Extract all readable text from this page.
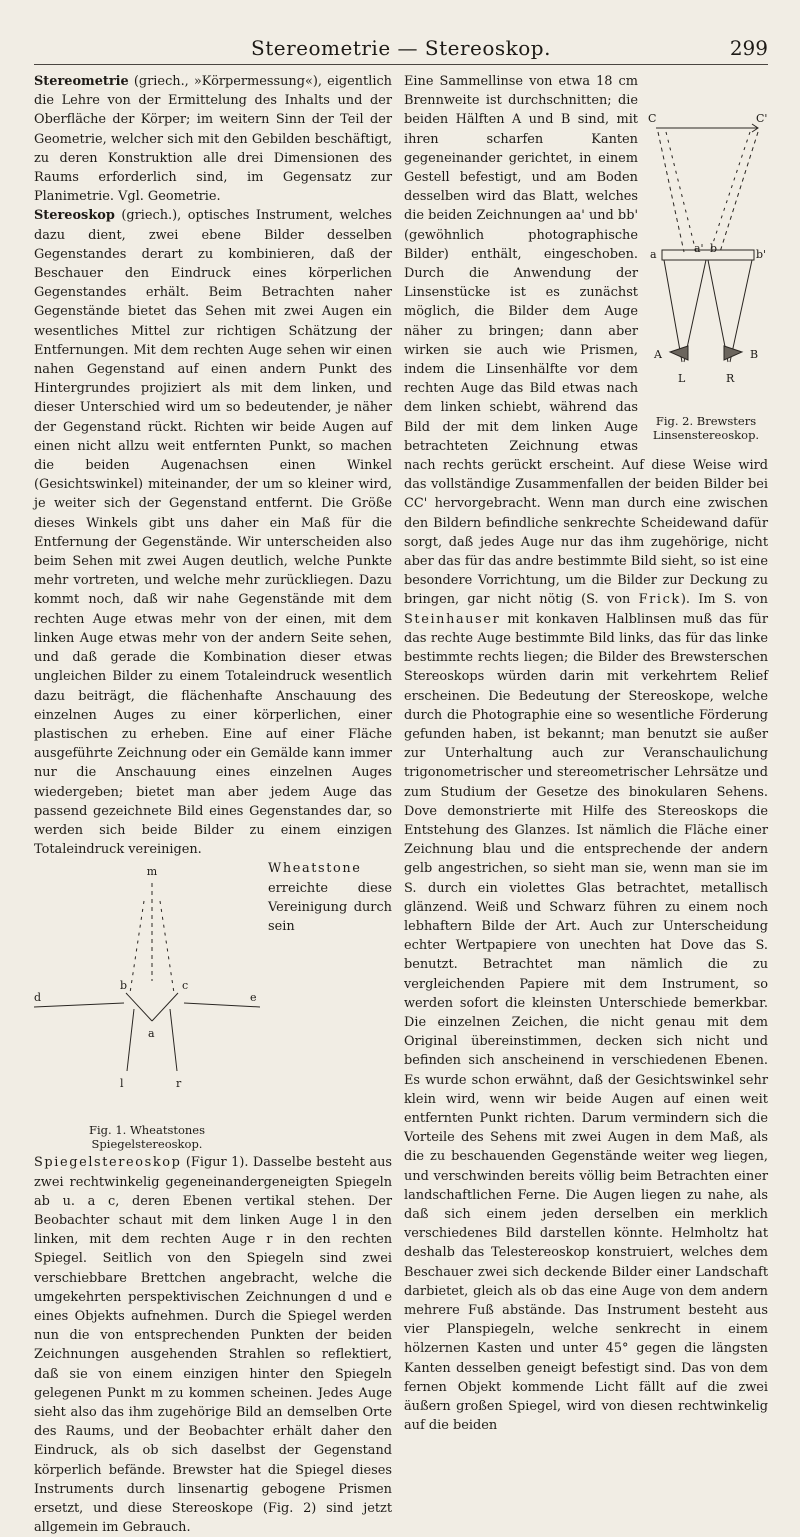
Stereometrie — Stereoskop.	299

Stereometrie (griech., »Körpermessung«), eigentlich die Lehre von der Ermittelung des Inhalts und der Oberfläche der Körper; im weitern Sinn der Teil der Geometrie, welcher sich mit den Gebilden beschäftigt, zu deren Konstruktion alle drei Dimensionen des Raums erforderlich sind, im Gegensatz zur Planimetrie. Vgl. Geometrie.

Stereoskop (griech.), optisches Instrument, welches dazu dient, zwei ebene Bilder desselben Gegenstandes derart zu kombinieren, daß der Beschauer den Eindruck eines körperlichen Gegenstandes erhält. Beim Betrachten naher Gegenstände bietet das Sehen mit zwei Augen ein wesentliches Mittel zur richtigen Schätzung der Entfernungen. Mit dem rechten Auge sehen wir einen nahen Gegenstand auf einen andern Punkt des Hintergrundes projiziert als mit dem linken, und dieser Unterschied wird um so bedeutender, je näher der Gegenstand rückt. Richten wir beide Augen auf einen nicht allzu weit entfernten Punkt, so machen die beiden Augenachsen einen Winkel (Gesichtswinkel) miteinander, der um so kleiner wird, je weiter sich der Gegenstand entfernt. Die Größe dieses Winkels gibt uns daher ein Maß für die Entfernung der Gegenstände. Wir unterscheiden also beim Sehen mit zwei Augen deutlich, welche Punkte mehr vortreten, und welche mehr zurückliegen. Dazu kommt noch, daß wir nahe Gegenstände mit dem rechten Auge etwas mehr von der einen, mit dem linken Auge etwas mehr von der andern Seite sehen, und daß gerade die Kombination dieser etwas ungleichen Bilder zu einem Totaleindruck wesentlich dazu beiträgt, die flächenhafte Anschauung des einzelnen Auges zu einer körperlichen, einer plastischen zu erheben. Eine auf einer Fläche ausgeführte Zeichnung oder ein Gemälde kann immer nur die Anschauung eines einzelnen Auges wiedergeben; bietet man aber jedem Auge das passend gezeichnete Bild eines Gegenstandes dar, so werden sich beide Bilder zu einem einzigen Totaleindruck vereinigen.

m
b	c
d	e
a
l	r
Fig. 1. Wheatstones Spiegelstereoskop.

Wheatstone erreichte diese Vereinigung durch sein Spiegelstereoskop (Figur 1). Dasselbe besteht aus zwei rechtwinkelig gegeneinandergeneigten Spiegeln ab u. a c, deren Ebenen vertikal stehen. Der Beobachter schaut mit dem linken Auge l in den linken, mit dem rechten Auge r in den rechten Spiegel. Seitlich von den Spiegeln sind zwei verschiebbare Brettchen angebracht, welche die umgekehrten perspektivischen Zeichnungen d und e eines Objekts aufnehmen. Durch die Spiegel werden nun die von entsprechenden Punkten der beiden Zeichnungen ausgehenden Strahlen so reflektiert, daß sie von einem einzigen hinter den Spiegeln gelegenen Punkt m zu kommen scheinen. Jedes Auge sieht also das ihm zugehörige Bild an demselben Orte des Raums, und der Beobachter erhält daher den Eindruck, als ob sich daselbst der Gegenstand körperlich befände. Brewster hat die Spiegel dieses Instruments durch linsenartig gebogene Prismen ersetzt, und diese Stereoskope (Fig. 2) sind jetzt allgemein im Gebrauch.

C	C'
a	a' b	b'
A	B
L	R
Fig. 2. Brewsters Linsenstereoskop.

Eine Sammellinse von etwa 18 cm Brennweite ist durchschnitten; die beiden Hälften A und B sind, mit ihren scharfen Kanten gegeneinander gerichtet, in einem Gestell befestigt, und am Boden desselben wird das Blatt, welches die beiden Zeichnungen aa' und bb' (gewöhnlich photographische Bilder) enthält, eingeschoben. Durch die Anwendung der Linsenstücke ist es zunächst möglich, die Bilder dem Auge näher zu bringen; dann aber wirken sie auch wie Prismen, indem die Linsenhälfte vor dem rechten Auge das Bild etwas nach dem linken schiebt, während das Bild der mit dem linken Auge betrachteten Zeichnung etwas nach rechts gerückt erscheint. Auf diese Weise wird das vollständige Zusammenfallen der beiden Bilder bei CC' hervorgebracht. Wenn man durch eine zwischen den Bildern befindliche senkrechte Scheidewand dafür sorgt, daß jedes Auge nur das ihm zugehörige, nicht aber das für das andre bestimmte Bild sieht, so ist eine besondere Vorrichtung, um die Bilder zur Deckung zu bringen, gar nicht nötig (S. von Frick). Im S. von Steinhauser mit konkaven Halblinsen muß das für das rechte Auge bestimmte Bild links, das für das linke bestimmte rechts liegen; die Bilder des Brewsterschen Stereoskops würden darin mit verkehrtem Relief erscheinen. Die Bedeutung der Stereoskope, welche durch die Photographie eine so wesentliche Förderung gefunden haben, ist bekannt; man benutzt sie außer zur Unterhaltung auch zur Veranschaulichung trigonometrischer und stereometrischer Lehrsätze und zum Studium der Gesetze des binokularen Sehens. Dove demonstrierte mit Hilfe des Stereoskops die Entstehung des Glanzes. Ist nämlich die Fläche einer Zeichnung blau und die entsprechende der andern gelb angestrichen, so sieht man sie, wenn man sie im S. durch ein violettes Glas betrachtet, metallisch glänzend. Weiß und Schwarz führen zu einem noch lebhaftern Bilde der Art. Auch zur Unterscheidung echter Wertpapiere von unechten hat Dove das S. benutzt. Betrachtet man nämlich die zu vergleichenden Papiere mit dem Instrument, so werden sofort die kleinsten Unterschiede bemerkbar. Die einzelnen Zeichen, die nicht genau mit dem Original übereinstimmen, decken sich nicht und befinden sich anscheinend in verschiedenen Ebenen. Es wurde schon erwähnt, daß der Gesichtswinkel sehr klein wird, wenn wir beide Augen auf einen weit entfernten Punkt richten. Darum vermindern sich die Vorteile des Sehens mit zwei Augen in dem Maß, als die zu beschauenden Gegenstände weiter weg liegen, und verschwinden bereits völlig beim Betrachten einer landschaftlichen Ferne. Die Augen liegen zu nahe, als daß sich einem jeden derselben ein merklich verschiedenes Bild darstellen könnte. Helmholtz hat deshalb das Telestereoskop konstruiert, welches dem Beschauer zwei sich deckende Bilder einer Landschaft darbietet, gleich als ob das eine Auge von dem andern mehrere Fuß abstände. Das Instrument besteht aus vier Planspiegeln, welche senkrecht in einem hölzernen Kasten und unter 45° gegen die längsten Kanten desselben geneigt befestigt sind. Das von dem fernen Objekt kommende Licht fällt auf die zwei äußern großen Spiegel, wird von diesen rechtwinkelig auf die beiden
